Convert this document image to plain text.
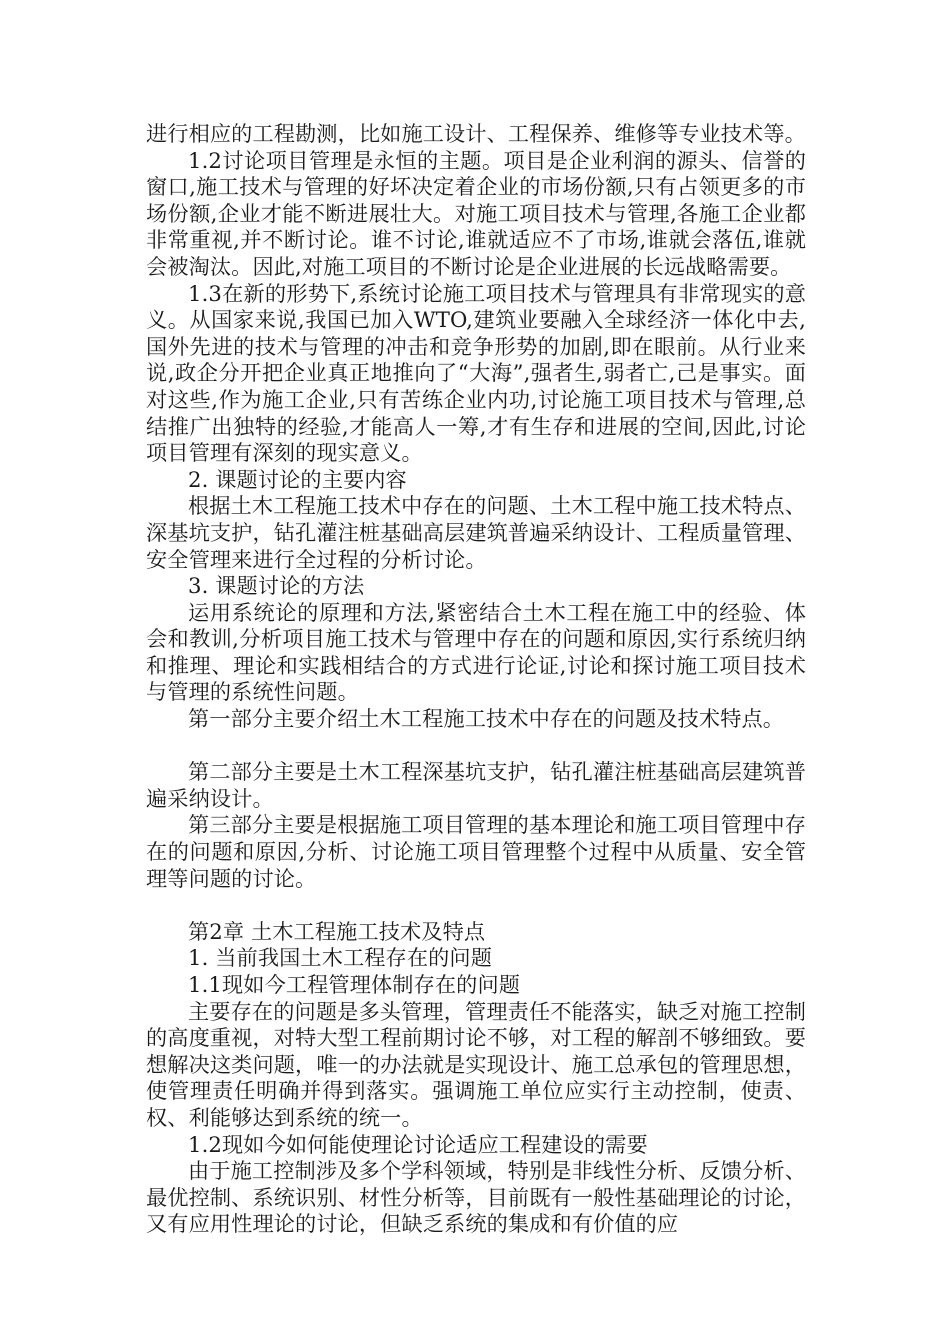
进行相应的工程勘测，比如施工设计、工程保养、维修等专业技术等。

1.2讨论项目管理是永恒的主题。项目是企业利润的源头、信誉的窗口,施工技术与管理的好坏决定着企业的市场份额,只有占领更多的市场份额,企业才能不断进展壮大。对施工项目技术与管理,各施工企业都非常重视,并不断讨论。谁不讨论,谁就适应不了市场,谁就会落伍,谁就会被淘汰。因此,对施工项目的不断讨论是企业进展的长远战略需要。

1.3在新的形势下,系统讨论施工项目技术与管理具有非常现实的意义。从国家来说,我国已加入WTO,建筑业要融入全球经济一体化中去,国外先进的技术与管理的冲击和竞争形势的加剧,即在眼前。从行业来说,政企分开把企业真正地推向了“大海”,强者生,弱者亡,己是事实。面对这些,作为施工企业,只有苦练企业内功,讨论施工项目技术与管理,总结推广出独特的经验,才能高人一筹,才有生存和进展的空间,因此,讨论项目管理有深刻的现实意义。

2. 课题讨论的主要内容

根据土木工程施工技术中存在的问题、土木工程中施工技术特点、深基坑支护，钻孔灌注桩基础高层建筑普遍采纳设计、工程质量管理、安全管理来进行全过程的分析讨论。

3. 课题讨论的方法

运用系统论的原理和方法,紧密结合土木工程在施工中的经验、体会和教训,分析项目施工技术与管理中存在的问题和原因,实行系统归纳和推理、理论和实践相结合的方式进行论证,讨论和探讨施工项目技术与管理的系统性问题。

第一部分主要介绍土木工程施工技术中存在的问题及技术特点。

第二部分主要是土木工程深基坑支护，钻孔灌注桩基础高层建筑普遍采纳设计。

第三部分主要是根据施工项目管理的基本理论和施工项目管理中存在的问题和原因,分析、讨论施工项目管理整个过程中从质量、安全管理等问题的讨论。

第2章 土木工程施工技术及特点

1. 当前我国土木工程存在的问题

1.1现如今工程管理体制存在的问题

主要存在的问题是多头管理，管理责任不能落实，缺乏对施工控制的高度重视，对特大型工程前期讨论不够，对工程的解剖不够细致。要想解决这类问题，唯一的办法就是实现设计、施工总承包的管理思想，使管理责任明确并得到落实。强调施工单位应实行主动控制，使责、权、利能够达到系统的统一。

1.2现如今如何能使理论讨论适应工程建设的需要

由于施工控制涉及多个学科领域，特别是非线性分析、反馈分析、最优控制、系统识别、材性分析等，目前既有一般性基础理论的讨论，又有应用性理论的讨论，但缺乏系统的集成和有价值的应
